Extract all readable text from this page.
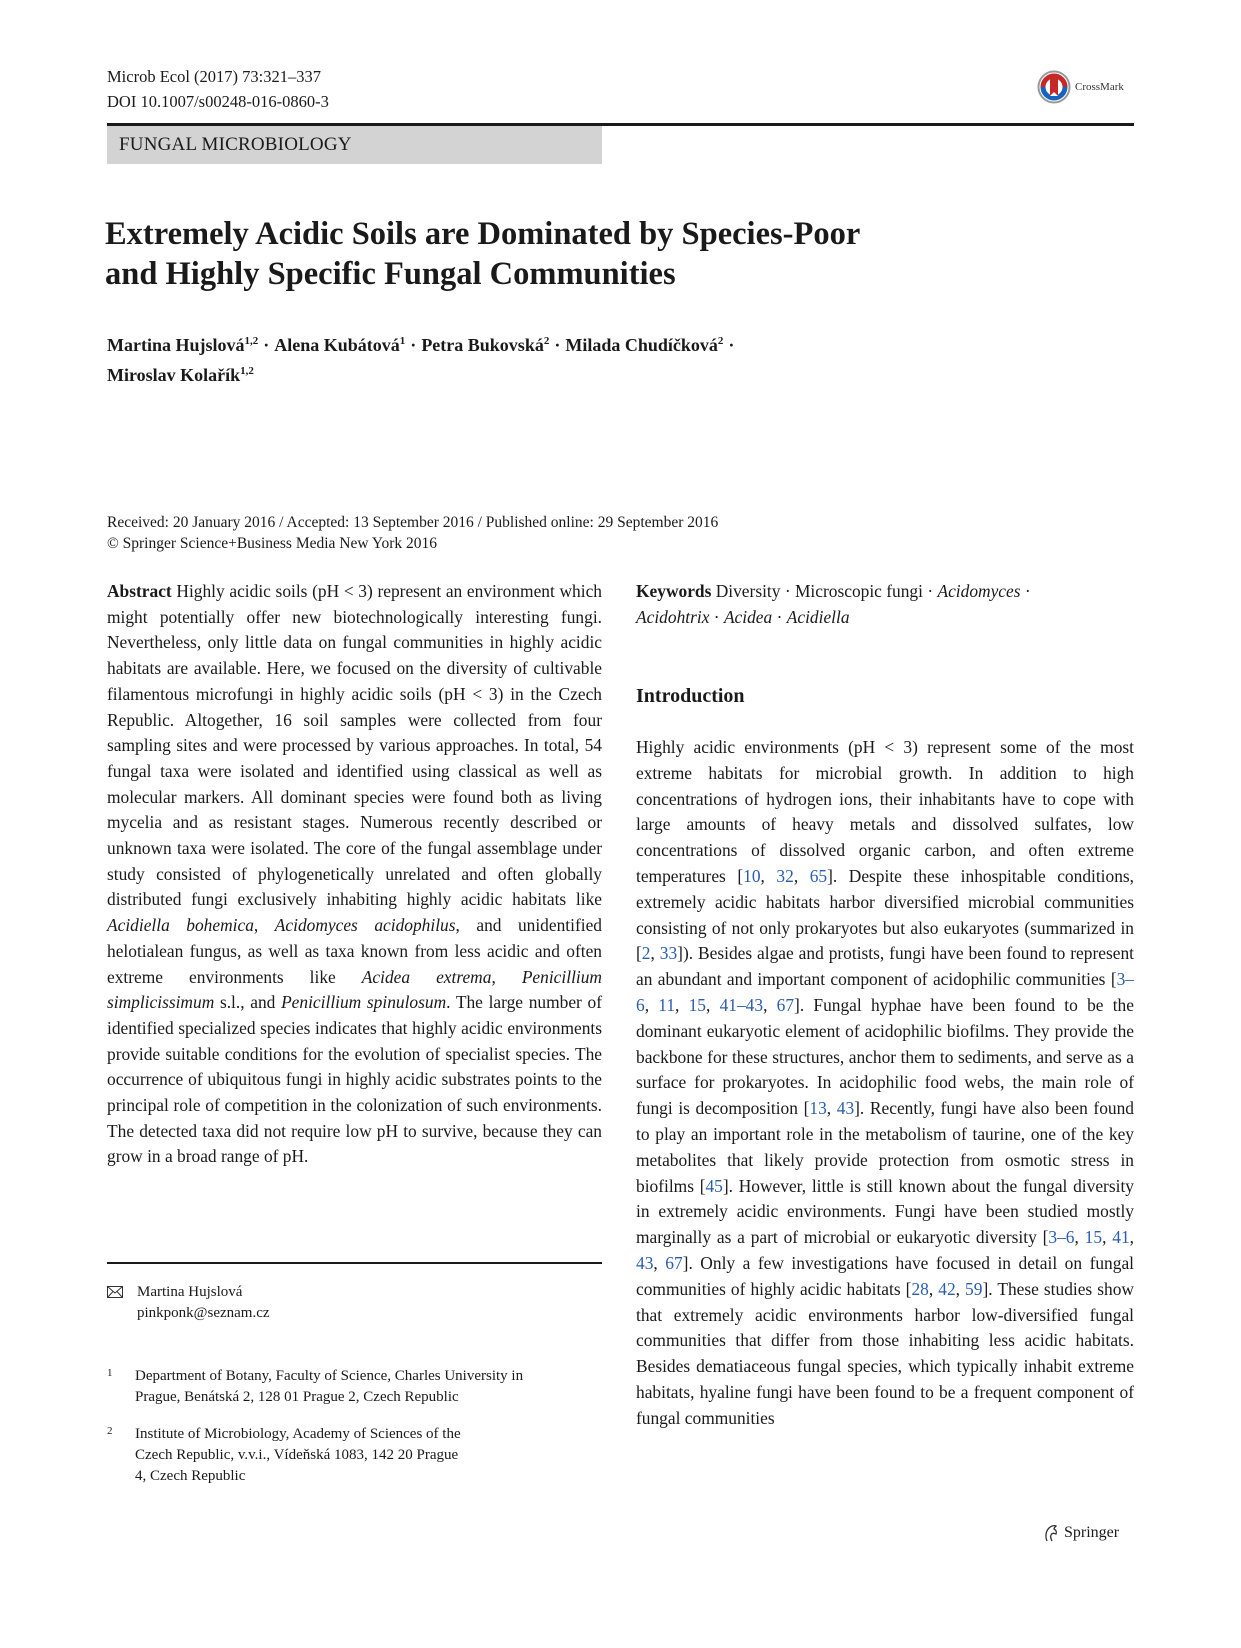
Microb Ecol (2017) 73:321–337
DOI 10.1007/s00248-016-0860-3
CrossMark
FUNGAL MICROBIOLOGY
Extremely Acidic Soils are Dominated by Species-Poor
and Highly Specific Fungal Communities
Martina Hujslová$^{1,2}$ · Alena Kubátová$^1$ · Petra Bukovská$^2$ · Milada Chudíčková$^2$ ·
Miroslav Kolařík$^{1,2}$
Received: 20 January 2016 / Accepted: 13 September 2016 / Published online: 29 September 2016
© Springer Science+Business Media New York 2016
Abstract Highly acidic soils (pH < 3) represent an environment which might potentially offer new biotechnologically interesting fungi. Nevertheless, only little data on fungal communities in highly acidic habitats are available. Here, we focused on the diversity of cultivable filamentous microfungi in highly acidic soils (pH < 3) in the Czech Republic. Altogether, 16 soil samples were collected from four sampling sites and were processed by various approaches. In total, 54 fungal taxa were isolated and identified using classical as well as molecular markers. All dominant species were found both as living mycelia and as resistant stages. Numerous recently described or unknown taxa were isolated. The core of the fungal assemblage under study consisted of phylogenetically unrelated and often globally distributed fungi exclusively inhabiting highly acidic habitats like Acidiella bohemica, Acidomyces acidophilus, and unidentified helotialean fungus, as well as taxa known from less acidic and often extreme environments like Acidea extrema, Penicillium simplicissimum s.l., and Penicillium spinulosum. The large number of identified specialized species indicates that highly acidic environments provide suitable conditions for the evolution of specialist species. The occurrence of ubiquitous fungi in highly acidic substrates points to the principal role of competition in the colonization of such environments. The detected taxa did not require low pH to survive, because they can grow in a broad range of pH.
Keywords Diversity · Microscopic fungi · Acidomyces ·
Acidohtrix · Acidea · Acidiella
Introduction

Highly acidic environments (pH < 3) represent some of the most extreme habitats for microbial growth. In addition to high concentrations of hydrogen ions, their inhabitants have to cope with large amounts of heavy metals and dissolved sulfates, low concentrations of dissolved organic carbon, and often extreme temperatures [10, 32, 65]. Despite these inhospitable conditions, extremely acidic habitats harbor diversified microbial communities consisting of not only prokaryotes but also eukaryotes (summarized in [2, 33]). Besides algae and protists, fungi have been found to represent an abundant and important component of acidophilic communities [3–6, 11, 15, 41–43, 67]. Fungal hyphae have been found to be the dominant eukaryotic element of acidophilic biofilms. They provide the backbone for these structures, anchor them to sediments, and serve as a surface for prokaryotes. In acidophilic food webs, the main role of fungi is decomposition [13, 43]. Recently, fungi have also been found to play an important role in the metabolism of taurine, one of the key metabolites that likely provide protection from osmotic stress in biofilms [45]. However, little is still known about the fungal diversity in extremely acidic environments. Fungi have been studied mostly marginally as a part of microbial or eukaryotic diversity [3–6, 15, 41, 43, 67]. Only a few investigations have focused in detail on fungal communities of highly acidic habitats [28, 42, 59]. These studies show that extremely acidic environments harbor low-diversified fungal communities that differ from those inhabiting less acidic habitats. Besides dematiaceous fungal species, which typically inhabit extreme habitats, hyaline fungi have been found to be a frequent component of fungal communities

Martina Hujslová
pinkponk@seznam.cz
1	Department of Botany, Faculty of Science, Charles University in
Prague, Benátská 2, 128 01 Prague 2, Czech Republic
2	Institute of Microbiology, Academy of Sciences of the
Czech Republic, v.v.i., Vídeňská 1083, 142 20 Prague
4, Czech Republic
Springer
